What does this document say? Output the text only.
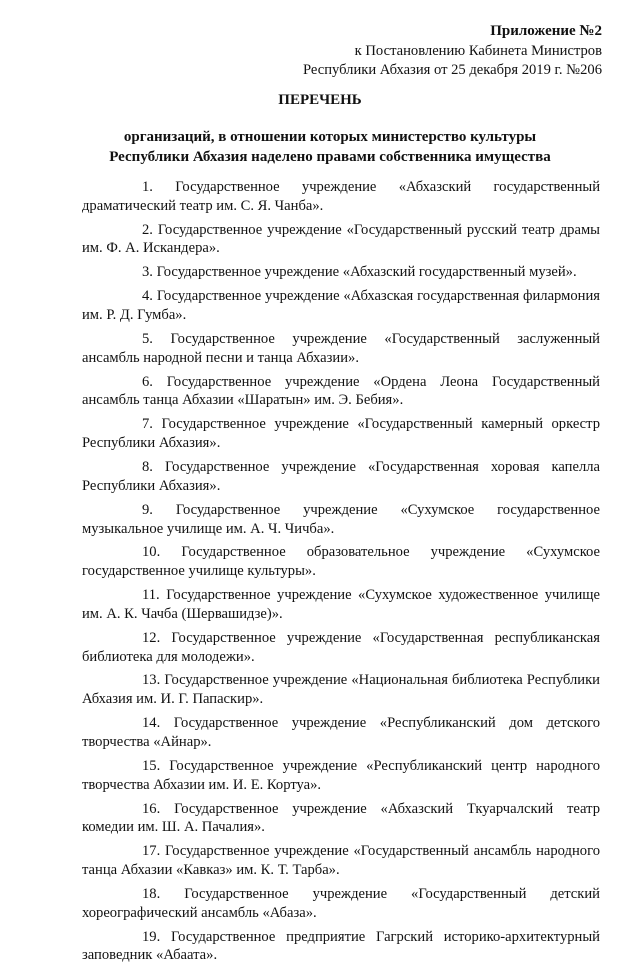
Приложение №2
к Постановлению Кабинета Министров
Республики Абхазия от 25 декабря 2019 г. №206
ПЕРЕЧЕНЬ
организаций, в отношении которых министерство культуры
Республики Абхазия наделено правами собственника имущества
1. Государственное учреждение «Абхазский государственный драматический театр им. С. Я. Чанба».
2. Государственное учреждение «Государственный русский театр драмы им. Ф. А. Искандера».
3. Государственное учреждение «Абхазский государственный музей».
4. Государственное учреждение «Абхазская государственная филармония им. Р. Д. Гумба».
5. Государственное учреждение «Государственный заслуженный ансамбль народной песни и танца Абхазии».
6. Государственное учреждение «Ордена Леона Государственный ансамбль танца Абхазии «Шаратын» им. Э. Бебия».
7. Государственное учреждение «Государственный камерный оркестр Республики Абхазия».
8. Государственное учреждение «Государственная хоровая капелла Республики Абхазия».
9. Государственное учреждение «Сухумское государственное музыкальное училище им. А. Ч. Чичба».
10. Государственное образовательное учреждение «Сухумское государственное училище культуры».
11. Государственное учреждение «Сухумское художественное училище им. А. К. Чачба (Шервашидзе)».
12. Государственное учреждение «Государственная республиканская библиотека для молодежи».
13. Государственное учреждение «Национальная библиотека Республики Абхазия им. И. Г. Папаскир».
14. Государственное учреждение «Республиканский дом детского творчества «Айнар».
15. Государственное учреждение «Республиканский центр народного творчества Абхазии им. И. Е. Кортуа».
16. Государственное учреждение «Абхазский Ткуарчалский театр комедии им. Ш. А. Пачалия».
17. Государственное учреждение «Государственный ансамбль народного танца Абхазии «Кавказ» им. К. Т. Тарба».
18. Государственное учреждение «Государственный детский хореографический ансамбль «Абаза».
19. Государственное предприятие Гагрский историко-архитектурный заповедник «Абаата».
